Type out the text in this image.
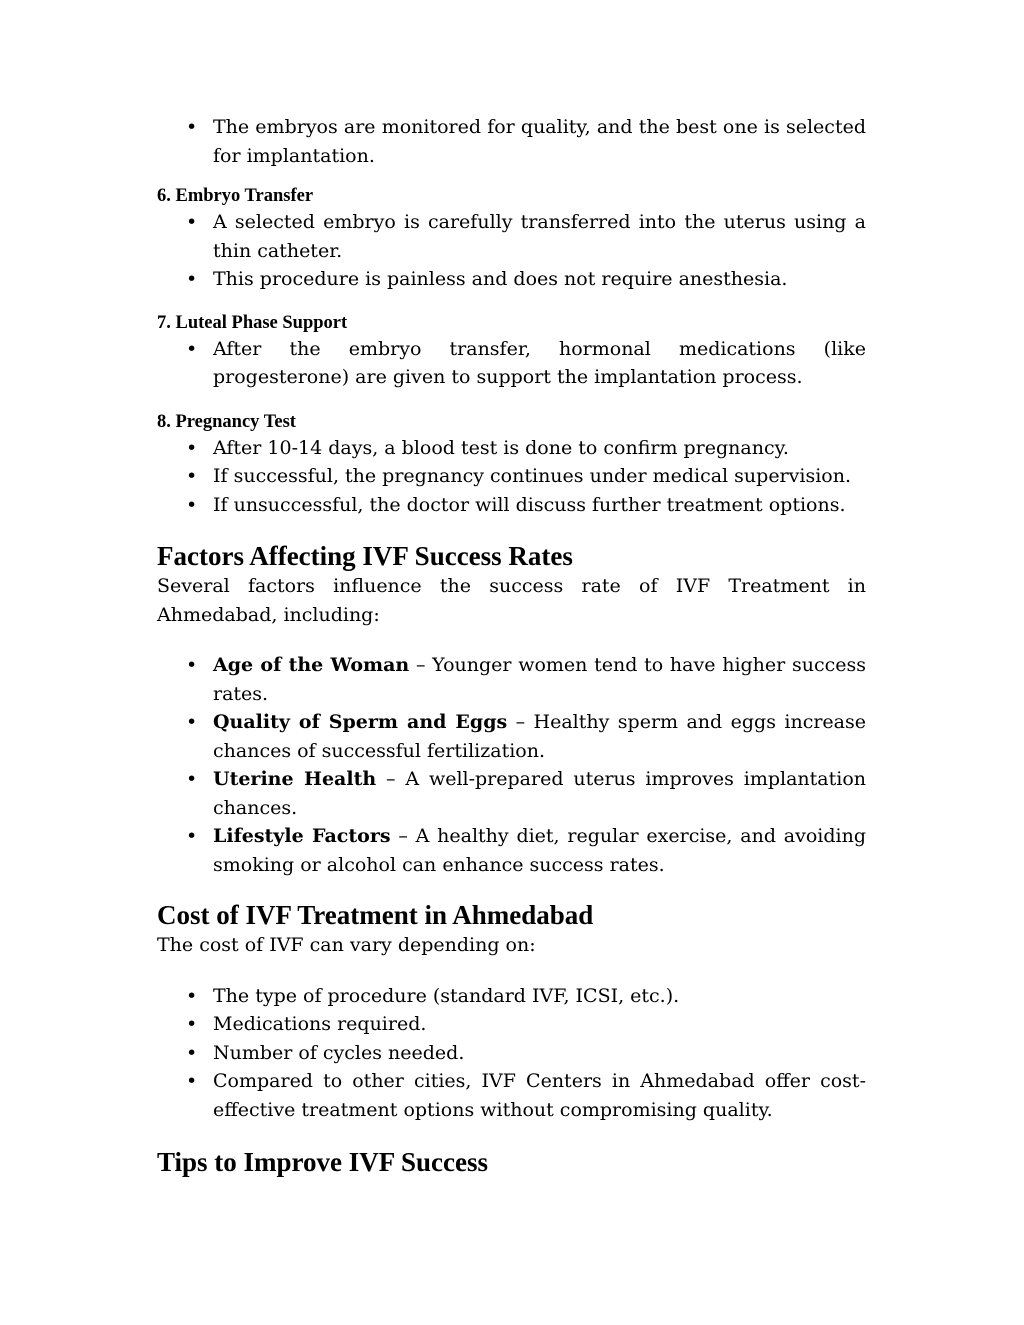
• The embryos are monitored for quality, and the best one is selected for implantation.
6. Embryo Transfer
• A selected embryo is carefully transferred into the uterus using a thin catheter.
• This procedure is painless and does not require anesthesia.
7. Luteal Phase Support
• After the embryo transfer, hormonal medications (like progesterone) are given to support the implantation process.
8. Pregnancy Test
• After 10-14 days, a blood test is done to confirm pregnancy.
• If successful, the pregnancy continues under medical supervision.
• If unsuccessful, the doctor will discuss further treatment options.
Factors Affecting IVF Success Rates

Several factors influence the success rate of IVF Treatment in Ahmedabad, including:

• Age of the Woman – Younger women tend to have higher success rates.
• Quality of Sperm and Eggs – Healthy sperm and eggs increase chances of successful fertilization.
• Uterine Health – A well-prepared uterus improves implantation chances.
• Lifestyle Factors – A healthy diet, regular exercise, and avoiding smoking or alcohol can enhance success rates.
Cost of IVF Treatment in Ahmedabad

The cost of IVF can vary depending on:

• The type of procedure (standard IVF, ICSI, etc.).
• Medications required.
• Number of cycles needed.
• Compared to other cities, IVF Centers in Ahmedabad offer cost-effective treatment options without compromising quality.
Tips to Improve IVF Success
